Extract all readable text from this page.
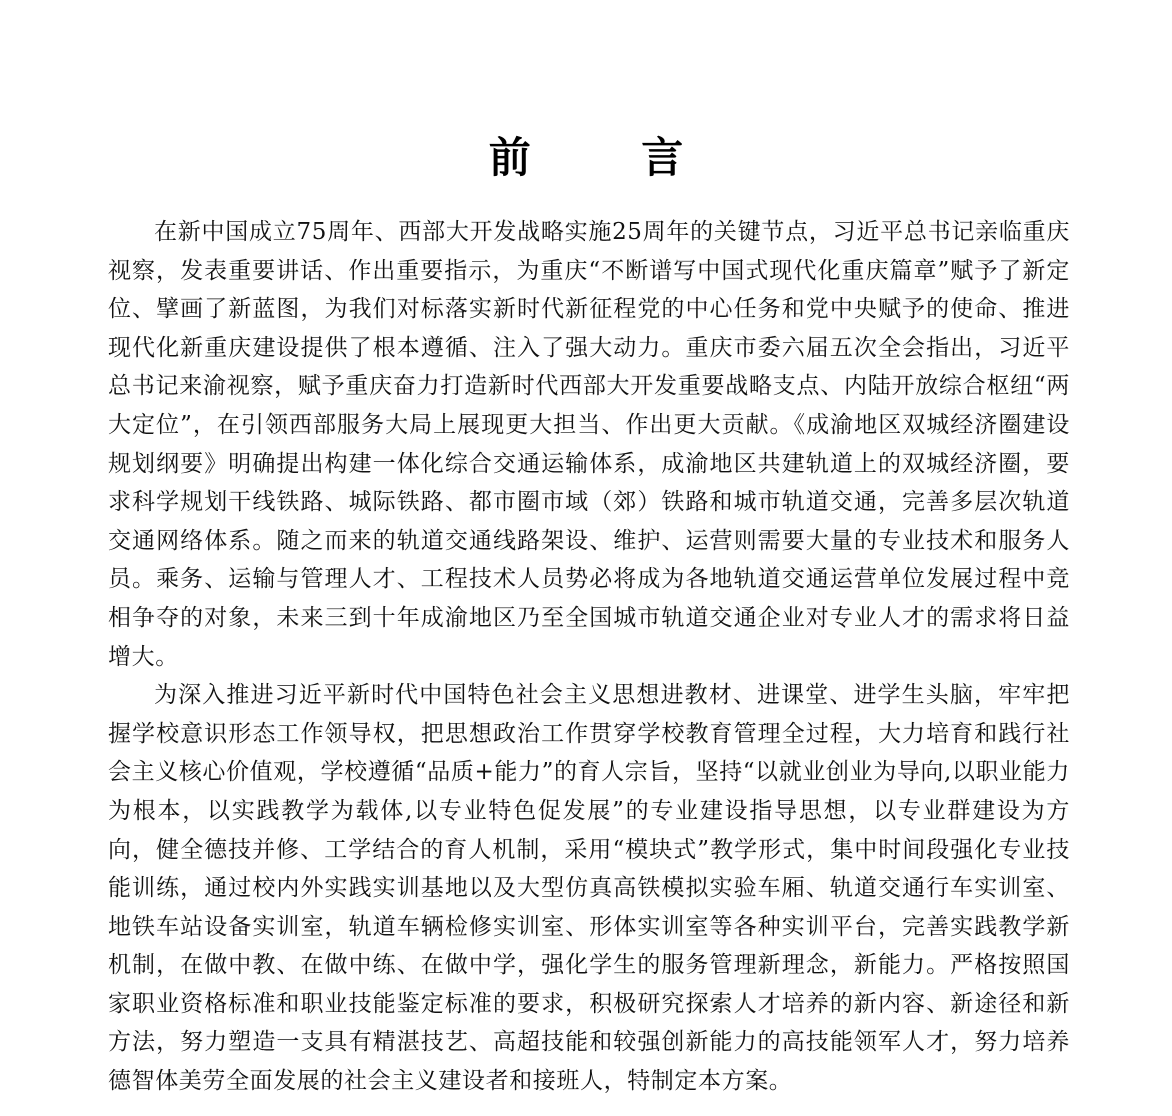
前 言

在新中国成立75周年、西部大开发战略实施25周年的关键节点，习近平总书记亲临重庆视察，发表重要讲话、作出重要指示，为重庆“不断谱写中国式现代化重庆篇章”赋予了新定位、擘画了新蓝图，为我们对标落实新时代新征程党的中心任务和党中央赋予的使命、推进现代化新重庆建设提供了根本遵循、注入了强大动力。重庆市委六届五次全会指出，习近平总书记来渝视察，赋予重庆奋力打造新时代西部大开发重要战略支点、内陆开放综合枢纽“两大定位”，在引领西部服务大局上展现更大担当、作出更大贡献。《成渝地区双城经济圈建设规划纲要》明确提出构建一体化综合交通运输体系，成渝地区共建轨道上的双城经济圈，要求科学规划干线铁路、城际铁路、都市圈市域（郊）铁路和城市轨道交通，完善多层次轨道交通网络体系。随之而来的轨道交通线路架设、维护、运营则需要大量的专业技术和服务人员。乘务、运输与管理人才、工程技术人员势必将成为各地轨道交通运营单位发展过程中竞相争夺的对象，未来三到十年成渝地区乃至全国城市轨道交通企业对专业人才的需求将日益增大。

为深入推进习近平新时代中国特色社会主义思想进教材、进课堂、进学生头脑，牢牢把握学校意识形态工作领导权，把思想政治工作贯穿学校教育管理全过程，大力培育和践行社会主义核心价值观，学校遵循“品质+能力”的育人宗旨，坚持“以就业创业为导向,以职业能力为根本，以实践教学为载体,以专业特色促发展”的专业建设指导思想，以专业群建设为方向，健全德技并修、工学结合的育人机制，采用“模块式”教学形式，集中时间段强化专业技能训练，通过校内外实践实训基地以及大型仿真高铁模拟实验车厢、轨道交通行车实训室、地铁车站设备实训室，轨道车辆检修实训室、形体实训室等各种实训平台，完善实践教学新机制，在做中教、在做中练、在做中学，强化学生的服务管理新理念，新能力。严格按照国家职业资格标准和职业技能鉴定标准的要求，积极研究探索人才培养的新内容、新途径和新方法，努力塑造一支具有精湛技艺、高超技能和较强创新能力的高技能领军人才，努力培养德智体美劳全面发展的社会主义建设者和接班人，特制定本方案。
